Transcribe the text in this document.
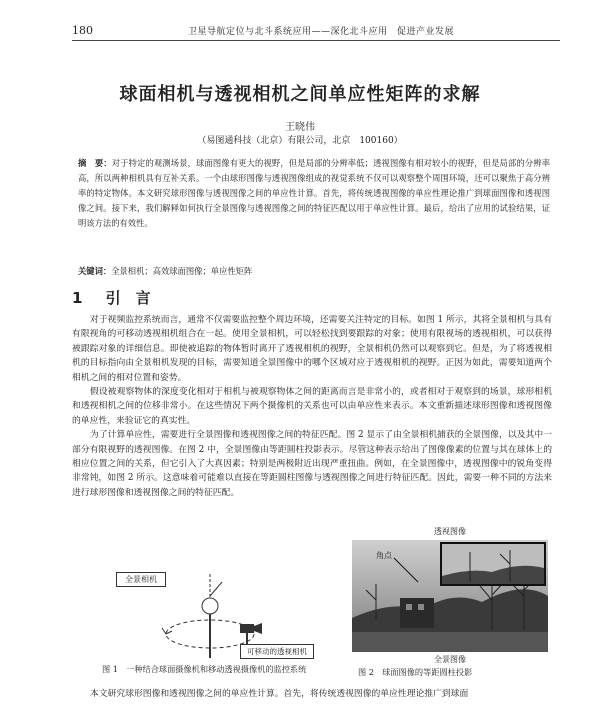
180	卫星导航定位与北斗系统应用——深化北斗应用　促进产业发展
球面相机与透视相机之间单应性矩阵的求解
王晓伟
（易图通科技（北京）有限公司，北京　100160）
摘　要：对于特定的观测场景，球面图像有更大的视野，但是局部的分辨率低；透视图像有相对较小的视野，但是局部的分辨率高，所以两种相机具有互补关系。一个由球形图像与透视图像组成的视觉系统不仅可以观察整个周围环境，还可以聚焦于高分辨率的特定物体。本文研究球形图像与透视图像之间的单应性计算。首先，将传统透视图像的单应性理论推广到球面图像和透视图像之间。接下来，我们解释如何执行全景图像与透视图像之间的特征匹配以用于单应性计算。最后，给出了应用的试验结果，证明该方法的有效性。
关键词：全景相机；高效球面图像；单应性矩阵
1 引　言

对于视频监控系统而言，通常不仅需要监控整个周边环境，还需要关注特定的目标。如图 1 所示，其将全景相机与具有有限视角的可移动透视相机组合在一起。使用全景相机，可以轻松找到要跟踪的对象；使用有限视场的透视相机，可以获得被跟踪对象的详细信息。即使被追踪的物体暂时离开了透视相机的视野，全景相机仍然可以观察到它。但是，为了将透视相机的目标指向由全景相机发现的目标，需要知道全景图像中的哪个区域对应于透视相机的视野。正因为如此，需要知道两个相机之间的相对位置和姿势。

假设被观察物体的深度变化相对于相机与被观察物体之间的距离而言是非常小的，或者相对于观察到的场景，球形相机和透视相机之间的位移非常小。在这些情况下两个摄像机的关系也可以由单应性来表示。本文重新描述球形图像和透视图像的单应性，来验证它的真实性。

为了计算单应性，需要进行全景图像和透视图像之间的特征匹配。图 2 显示了由全景相机捕获的全景图像，以及其中一部分有限视野的透视图像。在图 2 中，全景图像由等距圆柱投影表示。尽管这种表示给出了图像像素的位置与其在球体上的相应位置之间的关系，但它引入了大真因素；特别是两极附近出现严重扭曲。例如，在全景图像中，透视图像中的锐角变得非常钝，如图 2 所示。这意味着可能难以直接在等距圆柱图像与透视图像之间进行特征匹配。因此，需要一种不同的方法来进行球形图像和透视图像之间的特征匹配。

全景相机
可移动的透视相机
图 1　一种结合球面摄像机和移动透视摄像机的监控系统
透视图像
角点
全景图像
图 2　球面图像的等距圆柱投影
本文研究球形图像和透视图像之间的单应性计算。首先，将传统透视图像的单应性理论推广到球面
